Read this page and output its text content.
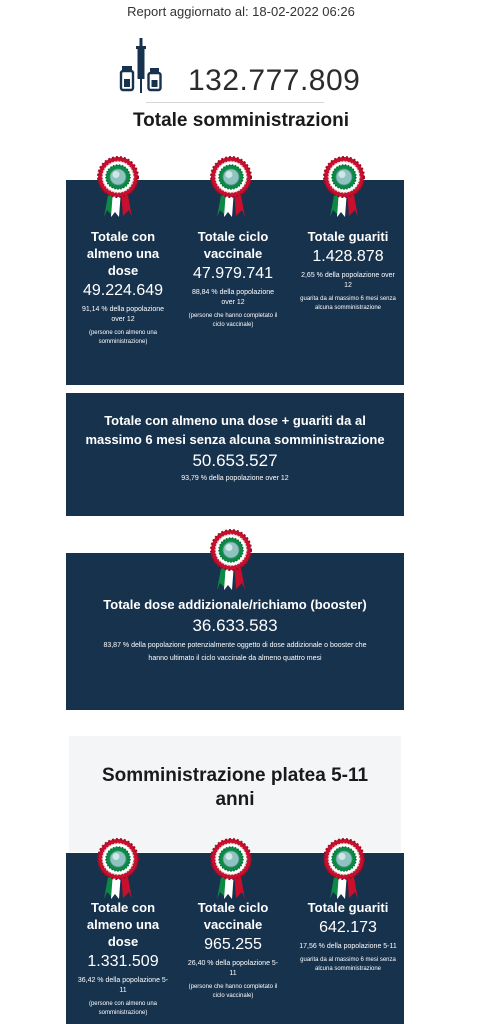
Report aggiornato al: 18-02-2022 06:26
132.777.809
Totale somministrazioni
Totale con almeno una dose
49.224.649
91,14 % della popolazione over 12
(persone con almeno una somministrazione)
Totale ciclo vaccinale
47.979.741
88,84 % della popolazione over 12
(persone che hanno completato il ciclo vaccinale)
Totale guariti
1.428.878
2,65 % della popolazione over 12
guarita da al massimo 6 mesi senza alcuna somministrazione
Totale con almeno una dose + guariti da al massimo 6 mesi senza alcuna somministrazione
50.653.527
93,79 % della popolazione over 12
Totale dose addizionale/richiamo (booster)
36.633.583
83,87 % della popolazione potenzialmente oggetto di dose addizionale o booster che hanno ultimato il ciclo vaccinale da almeno quattro mesi
Somministrazione platea 5-11 anni
Totale con almeno una dose
1.331.509
36,42 % della popolazione 5-11
(persone con almeno una somministrazione)
Totale ciclo vaccinale
965.255
26,40 % della popolazione 5-11
(persone che hanno completato il ciclo vaccinale)
Totale guariti
642.173
17,56 % della popolazione 5-11
guarita da al massimo 6 mesi senza alcuna somministrazione
